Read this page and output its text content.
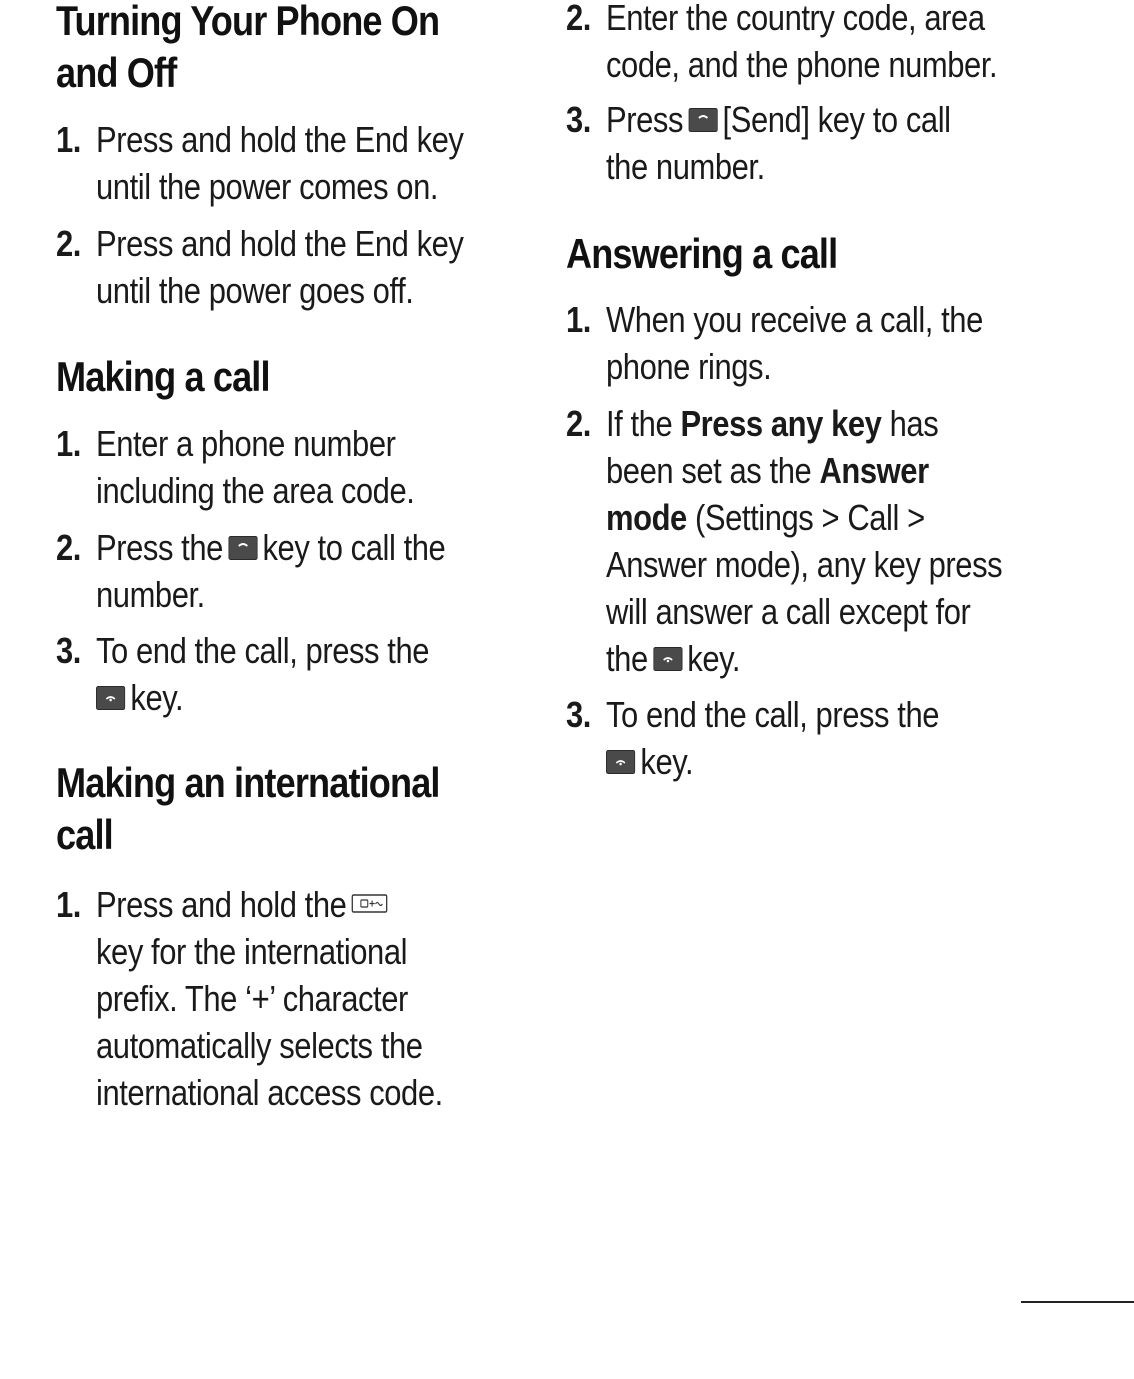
Turning Your Phone On
and Off
1. Press and hold the End key
until the power comes on.
2. Press and hold the End key
until the power goes off.
Making a call
1. Enter a phone number
including the area code.
2. Press the key to call the
number.
3. To end the call, press the
key.
Making an international
call
1. Press and hold the
key for the international
prefix. The ‘+’ character
automatically selects the
international access code.
2. Enter the country code, area
code, and the phone number.
3. Press [Send] key to call
the number.
Answering a call
1. When you receive a call, the
phone rings.
2. If the Press any key has
been set as the Answer
mode (Settings > Call >
Answer mode), any key press
will answer a call except for
the key.
3. To end the call, press the
key.
